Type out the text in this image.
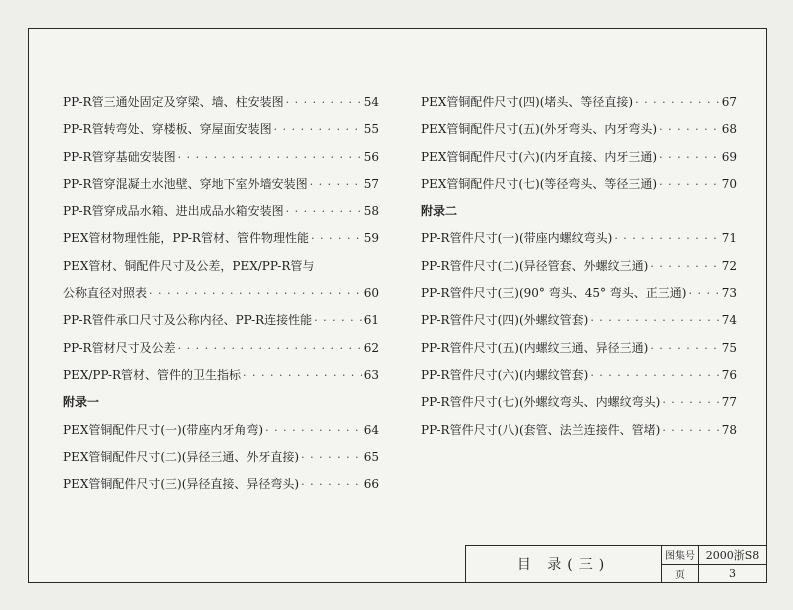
PP-R管三通处固定及穿梁、墙、柱安装图 · · ·	54
PP-R管转弯处、穿楼板、穿屋面安装图 · · ·	55
PP-R管穿基础安装图 · · ·	56
PP-R管穿混凝土水池壁、穿地下室外墙安装图 · · ·	57
PP-R管穿成品水箱、进出成品水箱安装图 · · ·	58
PEX管材物理性能，PP-R管材、管件物理性能 · · ·	59
PEX管材、铜配件尺寸及公差，PEX/PP-R管与
公称直径对照表 · · ·	60
PP-R管件承口尺寸及公称内径、PP-R连接性能 · · ·	61
PP-R管材尺寸及公差 · · ·	62
PEX/PP-R管材、管件的卫生指标 · · ·	63
附录一
PEX管铜配件尺寸(一)(带座内牙角弯) · · ·	64
PEX管铜配件尺寸(二)(异径三通、外牙直接) · · ·	65
PEX管铜配件尺寸(三)(异径直接、异径弯头) · · ·	66
PEX管铜配件尺寸(四)(堵头、等径直接) · · ·	67
PEX管铜配件尺寸(五)(外牙弯头、内牙弯头) · · ·	68
PEX管铜配件尺寸(六)(内牙直接、内牙三通) · · ·	69
PEX管铜配件尺寸(七)(等径弯头、等径三通) · · ·	70
附录二
PP-R管件尺寸(一)(带座内螺纹弯头) · · ·	71
PP-R管件尺寸(二)(异径管套、外螺纹三通) · · ·	72
PP-R管件尺寸(三)(90° 弯头、45° 弯头、正三通) · · ·	73
PP-R管件尺寸(四)(外螺纹管套) · · ·	74
PP-R管件尺寸(五)(内螺纹三通、异径三通) · · ·	75
PP-R管件尺寸(六)(内螺纹管套) · · ·	76
PP-R管件尺寸(七)(外螺纹弯头、内螺纹弯头) · · ·	77
PP-R管件尺寸(八)(套管、法兰连接件、管堵) · · ·	78
目 录(三)
图集号 2000浙S8
页	3
